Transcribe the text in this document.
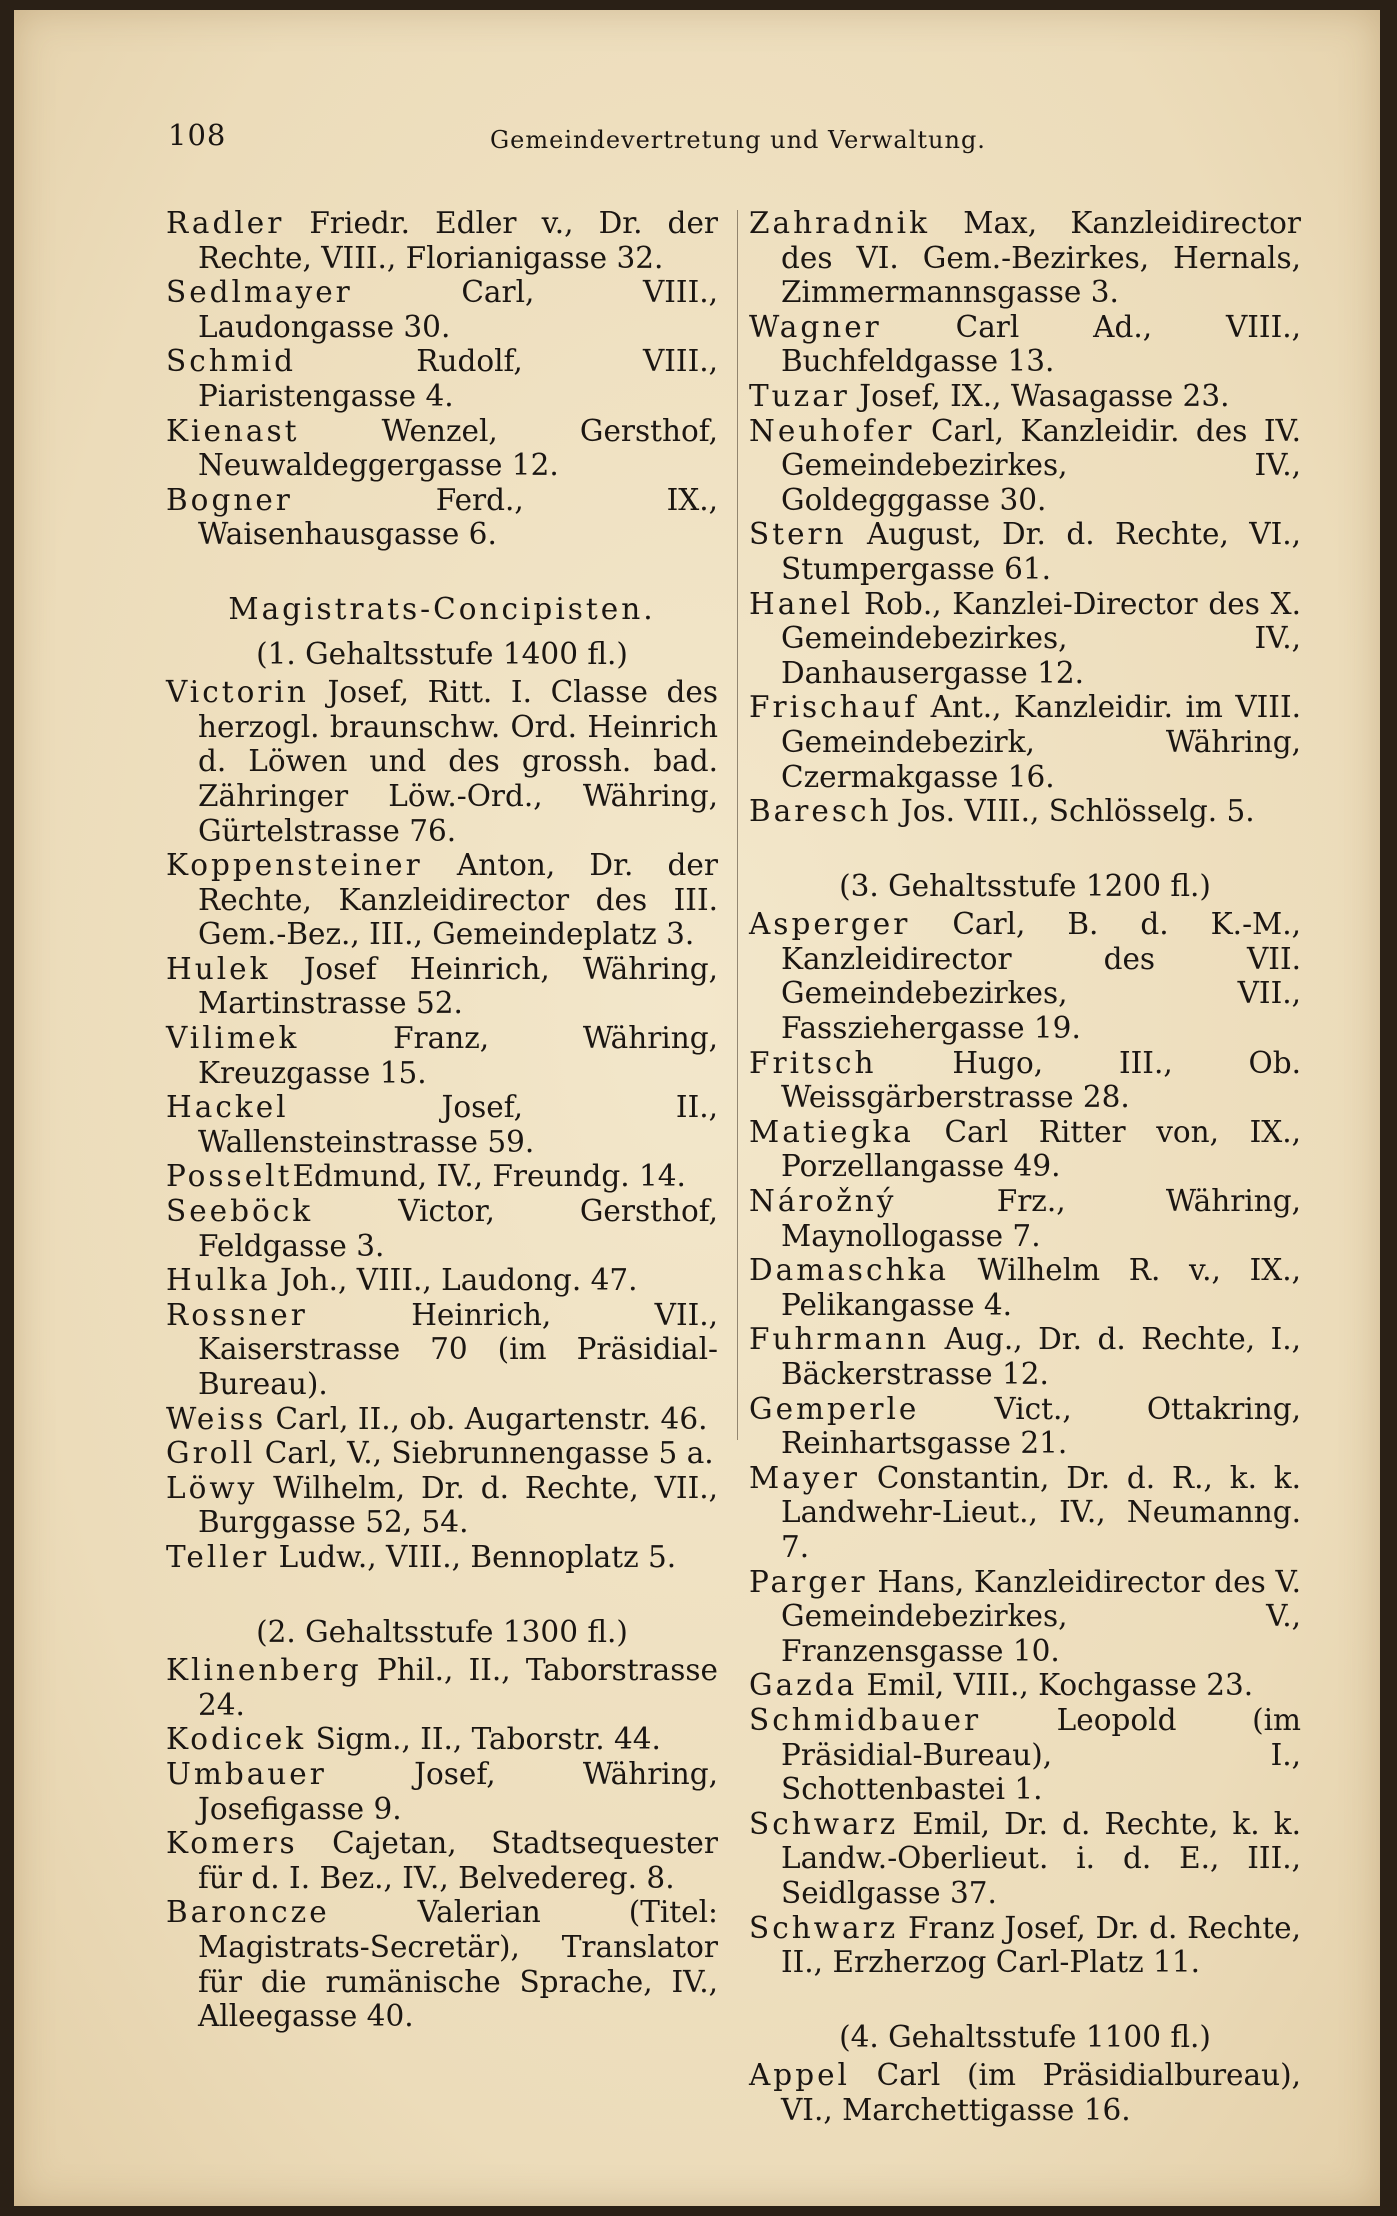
108	Gemeindevertretung und Verwaltung.
Radler Friedr. Edler v., Dr. der Rechte, VIII., Florianigasse 32.
Sedlmayer Carl, VIII., Laudongasse 30.
Schmid Rudolf, VIII., Piaristengasse 4.
Kienast Wenzel, Gersthof, Neuwaldeggergasse 12.
Bogner Ferd., IX., Waisenhausgasse 6.
Magistrats-Concipisten.
(1. Gehaltsstufe 1400 fl.)
Victorin Josef, Ritt. I. Classe des herzogl. braunschw. Ord. Heinrich d. Löwen und des grossh. bad. Zähringer Löw.-Ord., Währing, Gürtelstrasse 76.
Koppensteiner Anton, Dr. der Rechte, Kanzleidirector des III. Gem.-Bez., III., Gemeindeplatz 3.
Hulek Josef Heinrich, Währing, Martinstrasse 52.
Vilimek Franz, Währing, Kreuzgasse 15.
Hackel Josef, II., Wallensteinstrasse 59.
PosseltEdmund, IV., Freundg. 14.
Seeböck Victor, Gersthof, Feldgasse 3.
Hulka Joh., VIII., Laudong. 47.
Rossner Heinrich, VII., Kaiserstrasse 70 (im Präsidial-Bureau).
Weiss Carl, II., ob. Augartenstr. 46.
Groll Carl, V., Siebrunnengasse 5 a.
Löwy Wilhelm, Dr. d. Rechte, VII., Burggasse 52, 54.
Teller Ludw., VIII., Bennoplatz 5.
(2. Gehaltsstufe 1300 fl.)
Klinenberg Phil., II., Taborstrasse 24.
Kodicek Sigm., II., Taborstr. 44.
Umbauer Josef, Währing, Josefigasse 9.
Komers Cajetan, Stadtsequester für d. I. Bez., IV., Belvedereg. 8.
Baroncze Valerian (Titel: Magistrats-Secretär), Translator für die rumänische Sprache, IV., Alleegasse 40.
Zahradnik Max, Kanzleidirector des VI. Gem.-Bezirkes, Hernals, Zimmermannsgasse 3.
Wagner Carl Ad., VIII., Buchfeldgasse 13.
Tuzar Josef, IX., Wasagasse 23.
Neuhofer Carl, Kanzleidir. des IV. Gemeindebezirkes, IV., Goldegggasse 30.
Stern August, Dr. d. Rechte, VI., Stumpergasse 61.
Hanel Rob., Kanzlei-Director des X. Gemeindebezirkes, IV., Danhausergasse 12.
Frischauf Ant., Kanzleidir. im VIII. Gemeindebezirk, Währing, Czermakgasse 16.
Baresch Jos. VIII., Schlösselg. 5.
(3. Gehaltsstufe 1200 fl.)
Asperger Carl, B. d. K.-M., Kanzleidirector des VII. Gemeindebezirkes, VII., Fassziehergasse 19.
Fritsch Hugo, III., Ob. Weissgärberstrasse 28.
Matiegka Carl Ritter von, IX., Porzellangasse 49.
Nárožný Frz., Währing, Maynollogasse 7.
Damaschka Wilhelm R. v., IX., Pelikangasse 4.
Fuhrmann Aug., Dr. d. Rechte, I., Bäckerstrasse 12.
Gemperle Vict., Ottakring, Reinhartsgasse 21.
Mayer Constantin, Dr. d. R., k. k. Landwehr-Lieut., IV., Neumanng. 7.
Parger Hans, Kanzleidirector des V. Gemeindebezirkes, V., Franzensgasse 10.
Gazda Emil, VIII., Kochgasse 23.
Schmidbauer Leopold (im Präsidial-Bureau), I., Schottenbastei 1.
Schwarz Emil, Dr. d. Rechte, k. k. Landw.-Oberlieut. i. d. E., III., Seidlgasse 37.
Schwarz Franz Josef, Dr. d. Rechte, II., Erzherzog Carl-Platz 11.
(4. Gehaltsstufe 1100 fl.)
Appel Carl (im Präsidialbureau), VI., Marchettigasse 16.
